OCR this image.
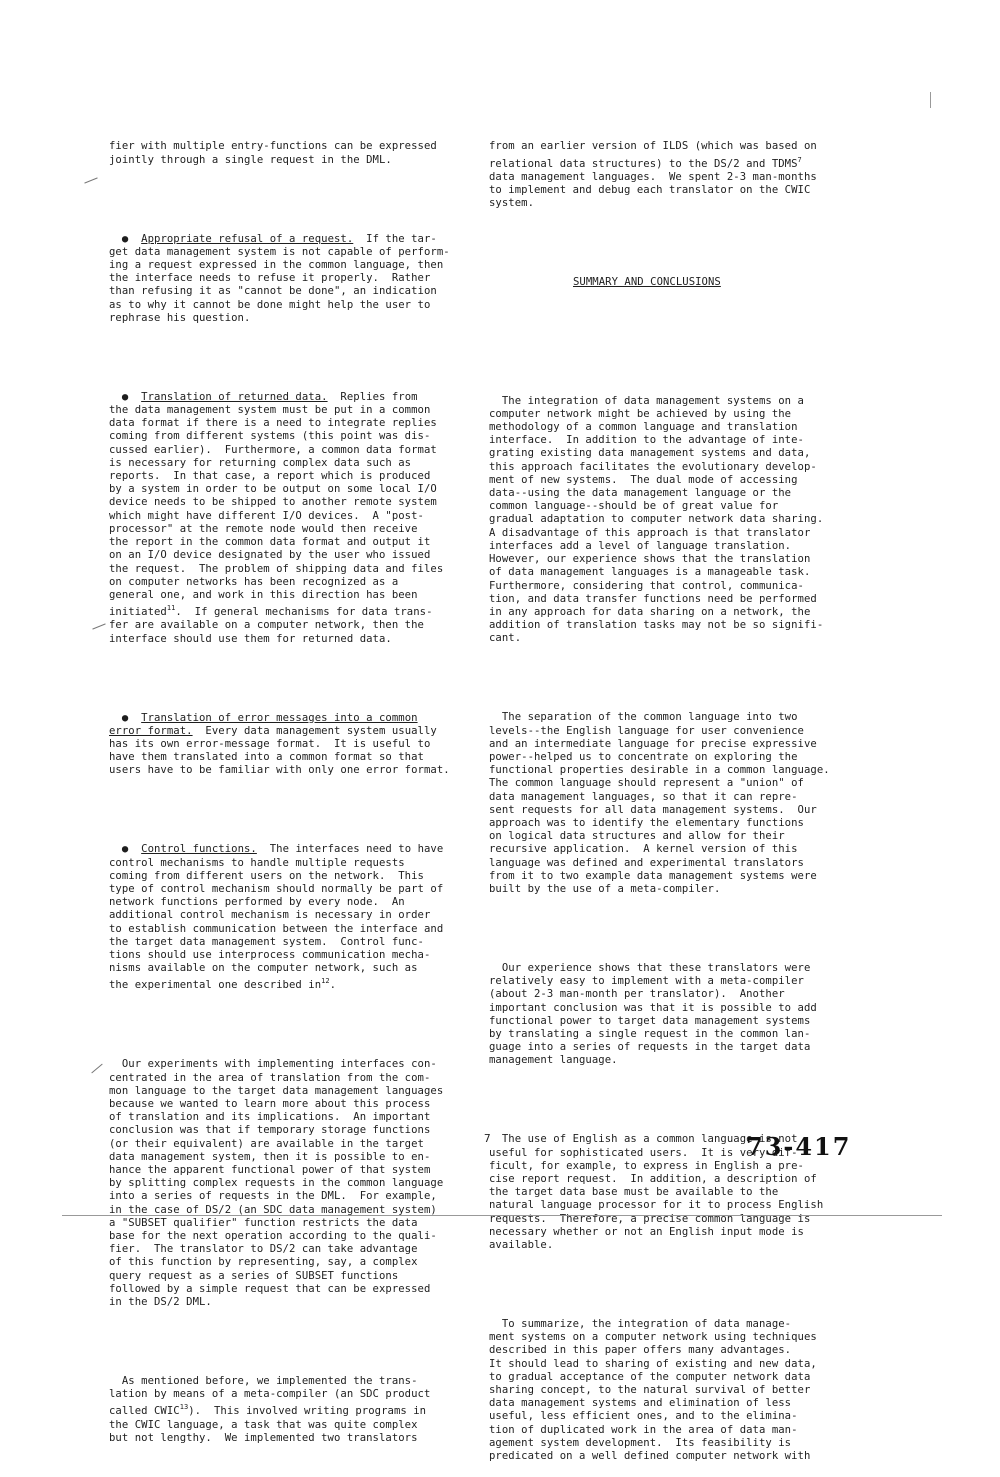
fier with multiple entry-functions can be expressed
jointly through a single request in the DML.

● Appropriate refusal of a request.  If the tar-
get data management system is not capable of perform-
ing a request expressed in the common language, then
the interface needs to refuse it properly.  Rather
than refusing it as "cannot be done", an indication
as to why it cannot be done might help the user to
rephrase his question.

● Translation of returned data.  Replies from
the data management system must be put in a common
data format if there is a need to integrate replies
coming from different systems (this point was dis-
cussed earlier).  Furthermore, a common data format
is necessary for returning complex data such as
reports.  In that case, a report which is produced
by a system in order to be output on some local I/O
device needs to be shipped to another remote system
which might have different I/O devices.  A "post-
processor" at the remote node would then receive
the report in the common data format and output it
on an I/O device designated by the user who issued
the request.  The problem of shipping data and files
on computer networks has been recognized as a
general one, and work in this direction has been
initiated$^{11}$.  If general mechanisms for data trans-
fer are available on a computer network, then the
interface should use them for returned data.

● Translation of error messages into a common
error format.  Every data management system usually
has its own error-message format.  It is useful to
have them translated into a common format so that
users have to be familiar with only one error format.

● Control functions.  The interfaces need to have
control mechanisms to handle multiple requests
coming from different users on the network.  This
type of control mechanism should normally be part of
network functions performed by every node.  An
additional control mechanism is necessary in order
to establish communication between the interface and
the target data management system.  Control func-
tions should use interprocess communication mecha-
nisms available on the computer network, such as
the experimental one described $in^{12}$.

Our experiments with implementing interfaces con-
centrated in the area of translation from the com-
mon language to the target data management languages
because we wanted to learn more about this process
of translation and its implications.  An important
conclusion was that if temporary storage functions
(or their equivalent) are available in the target
data management system, then it is possible to en-
hance the apparent functional power of that system
by splitting complex requests in the common language
into a series of requests in the DML.  For example,
in the case of DS/2 (an SDC data management system)
a "SUBSET qualifier" function restricts the data
base for the next operation according to the quali-
fier.  The translator to DS/2 can take advantage
of this function by representing, say, a complex
query request as a series of SUBSET functions
followed by a simple request that can be expressed
in the DS/2 DML.

As mentioned before, we implemented the trans-
lation by means of a meta-compiler (an SDC product
called CWIC$^{13}$).  This involved writing programs in
the CWIC language, a task that was quite complex
but not lengthy.  We implemented two translators

from an earlier version of ILDS (which was based on
relational data structures) to the DS/2 and TDMS$^7$
data management languages.  We spent 2-3 man-months
to implement and debug each translator on the CWIC
system.

SUMMARY AND CONCLUSIONS

The integration of data management systems on a
computer network might be achieved by using the
methodology of a common language and translation
interface.  In addition to the advantage of inte-
grating existing data management systems and data,
this approach facilitates the evolutionary develop-
ment of new systems.  The dual mode of accessing
data--using the data management language or the
common language--should be of great value for
gradual adaptation to computer network data sharing.
A disadvantage of this approach is that translator
interfaces add a level of language translation.
However, our experience shows that the translation
of data management languages is a manageable task.
Furthermore, considering that control, communica-
tion, and data transfer functions need be performed
in any approach for data sharing on a network, the
addition of translation tasks may not be so signifi-
cant.

The separation of the common language into two
levels--the English language for user convenience
and an intermediate language for precise expressive
power--helped us to concentrate on exploring the
functional properties desirable in a common language.
The common language should represent a "union" of
data management languages, so that it can repre-
sent requests for all data management systems.  Our
approach was to identify the elementary functions
on logical data structures and allow for their
recursive application.  A kernel version of this
language was defined and experimental translators
from it to two example data management systems were
built by the use of a meta-compiler.

Our experience shows that these translators were
relatively easy to implement with a meta-compiler
(about 2-3 man-month per translator).  Another
important conclusion was that it is possible to add
functional power to target data management systems
by translating a single request in the common lan-
guage into a series of requests in the target data
management language.

The use of English as a common language is not
useful for sophisticated users.  It is very dif-
ficult, for example, to express in English a pre-
cise report request.  In addition, a description of
the target data base must be available to the
natural language processor for it to process English
requests.  Therefore, a precise common language is
necessary whether or not an English input mode is
available.

To summarize, the integration of data manage-
ment systems on a computer network using techniques
described in this paper offers many advantages.
It should lead to sharing of existing and new data,
to gradual acceptance of the computer network data
sharing concept, to the natural survival of better
data management systems and elimination of less
useful, less efficient ones, and to the elimina-
tion of duplicated work in the area of data man-
agement system development.  Its feasibility is
predicated on a well defined computer network with

7	73-417
